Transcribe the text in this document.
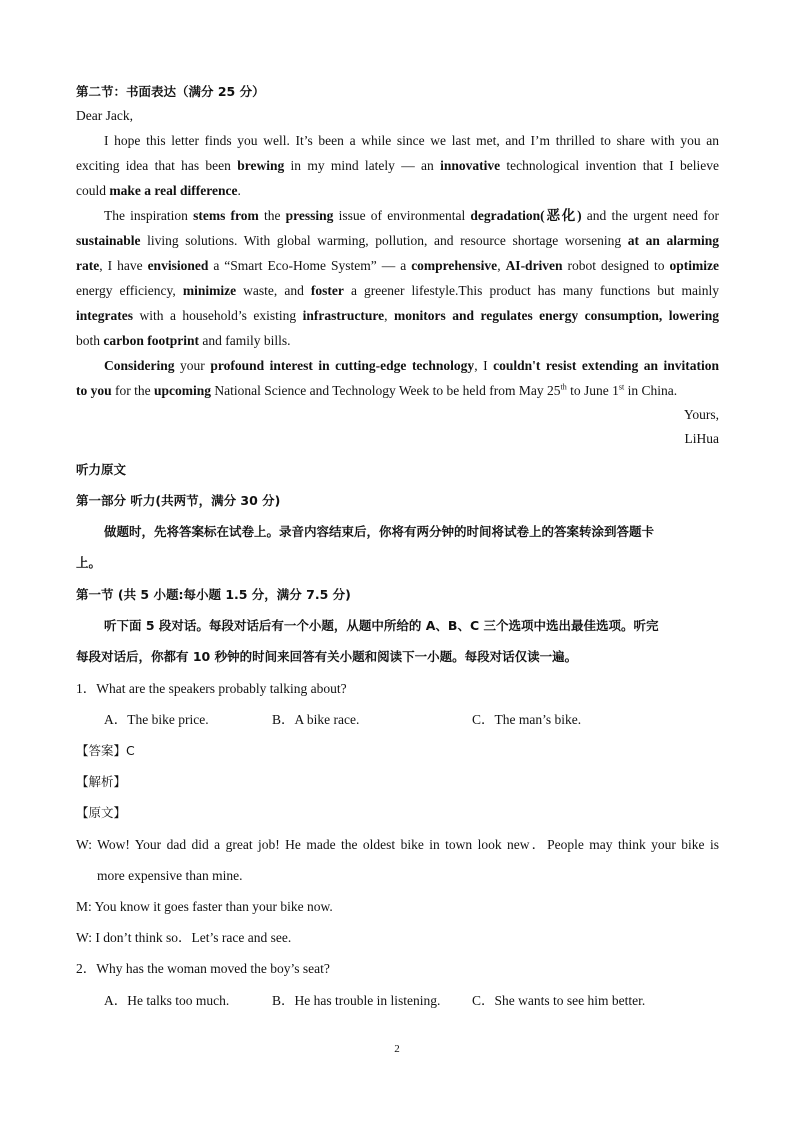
第二节：书面表达（满分 25 分）
Dear Jack,
I hope this letter finds you well. It’s been a while since we last met, and I’m thrilled to share with you an
exciting idea that has been brewing in my mind lately — an innovative technological invention that I believe
could make a real difference.
The inspiration stems from the pressing issue of environmental degradation(恶化) and the urgent need for
sustainable living solutions. With global warming, pollution, and resource shortage worsening at an alarming
rate, I have envisioned a “Smart Eco-Home System” — a comprehensive, AI-driven robot designed to optimize
energy efficiency, minimize waste, and foster a greener lifestyle.This product has many functions but mainly
integrates with a household’s existing infrastructure, monitors and regulates energy consumption, lowering
both carbon footprint and family bills.
Considering your profound interest in cutting-edge technology, I couldn't resist extending an invitation
to you for the upcoming National Science and Technology Week to be held from May 25th to June 1st in China.
Yours,
LiHua
听力原文
第一部分 听力(共两节，满分 30 分)
做题时，先将答案标在试卷上。录音内容结束后，你将有两分钟的时间将试卷上的答案转涂到答题卡
上。
第一节 (共 5 小题:每小题 1.5 分，满分 7.5 分)
听下面 5 段对话。每段对话后有一个小题，从题中所给的 A、B、C 三个选项中选出最佳选项。听完
每段对话后，你都有 10 秒钟的时间来回答有关小题和阅读下一小题。每段对话仅读一遍。
1．What are the speakers probably talking about?
A．The bike price.	B．A bike race.	C．The man’s bike.
【答案】C
【解析】
【原文】
W: Wow! Your dad did a great job! He made the oldest bike in town look new．People may think your bike is
more expensive than mine.
M: You know it goes faster than your bike now.
W: I don’t think so．Let’s race and see.
2．Why has the woman moved the boy’s seat?
A．He talks too much.	B．He has trouble in listening. C．She wants to see him better.
2
